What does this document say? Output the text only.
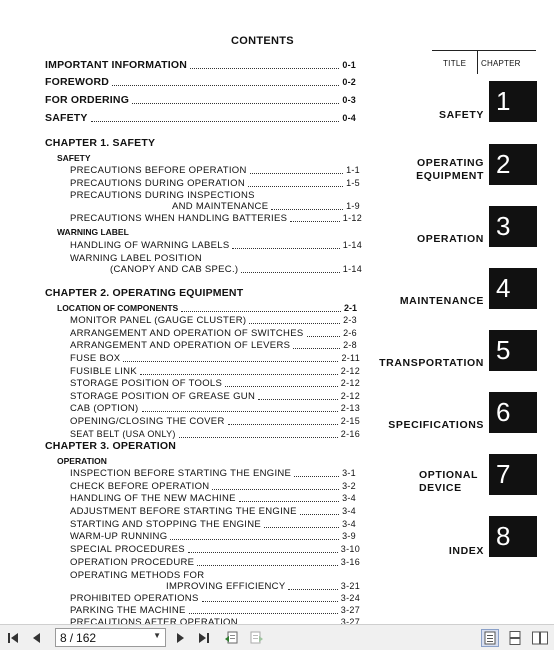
CONTENTS
IMPORTANT INFORMATION	0-1
FOREWORD	0-2
FOR ORDERING	0-3
SAFETY	0-4
CHAPTER 1. SAFETY
SAFETY
PRECAUTIONS BEFORE OPERATION	1-1
PRECAUTIONS DURING OPERATION	1-5
PRECAUTIONS DURING INSPECTIONS
AND MAINTENANCE	1-9
PRECAUTIONS WHEN HANDLING BATTERIES	1-12
WARNING LABEL
HANDLING OF WARNING LABELS	1-14
WARNING LABEL POSITION
(CANOPY AND CAB SPEC.)	1-14
CHAPTER 2. OPERATING EQUIPMENT
LOCATION OF COMPONENTS	2-1
MONITOR PANEL (GAUGE CLUSTER)	2-3
ARRANGEMENT AND OPERATION OF SWITCHES	2-6
ARRANGEMENT AND OPERATION OF LEVERS	2-8
FUSE BOX	2-11
FUSIBLE LINK	2-12
STORAGE POSITION OF TOOLS	2-12
STORAGE POSITION OF GREASE GUN	2-12
CAB (OPTION)	2-13
OPENING/CLOSING THE COVER	2-15
SEAT BELT (USA ONLY)	2-16
CHAPTER 3. OPERATION
OPERATION
INSPECTION BEFORE STARTING THE ENGINE	3-1
CHECK BEFORE OPERATION	3-2
HANDLING OF THE NEW MACHINE	3-4
ADJUSTMENT BEFORE STARTING THE ENGINE	3-4
STARTING AND STOPPING THE ENGINE	3-4
WARM-UP RUNNING	3-9
SPECIAL PROCEDURES	3-10
OPERATION PROCEDURE	3-16
OPERATING METHODS FOR
IMPROVING EFFICIENCY	3-21
PROHIBITED OPERATIONS	3-24
PARKING THE MACHINE	3-27
PRECAUTIONS AFTER OPERATION	3-27
TITLE CHAPTER
SAFETY 1
OPERATING
EQUIPMENT 2
OPERATION 3
MAINTENANCE 4
TRANSPORTATION 5
SPECIFICATIONS 6
OPTIONAL
DEVICE	7
INDEX 8
8 / 162	▼
